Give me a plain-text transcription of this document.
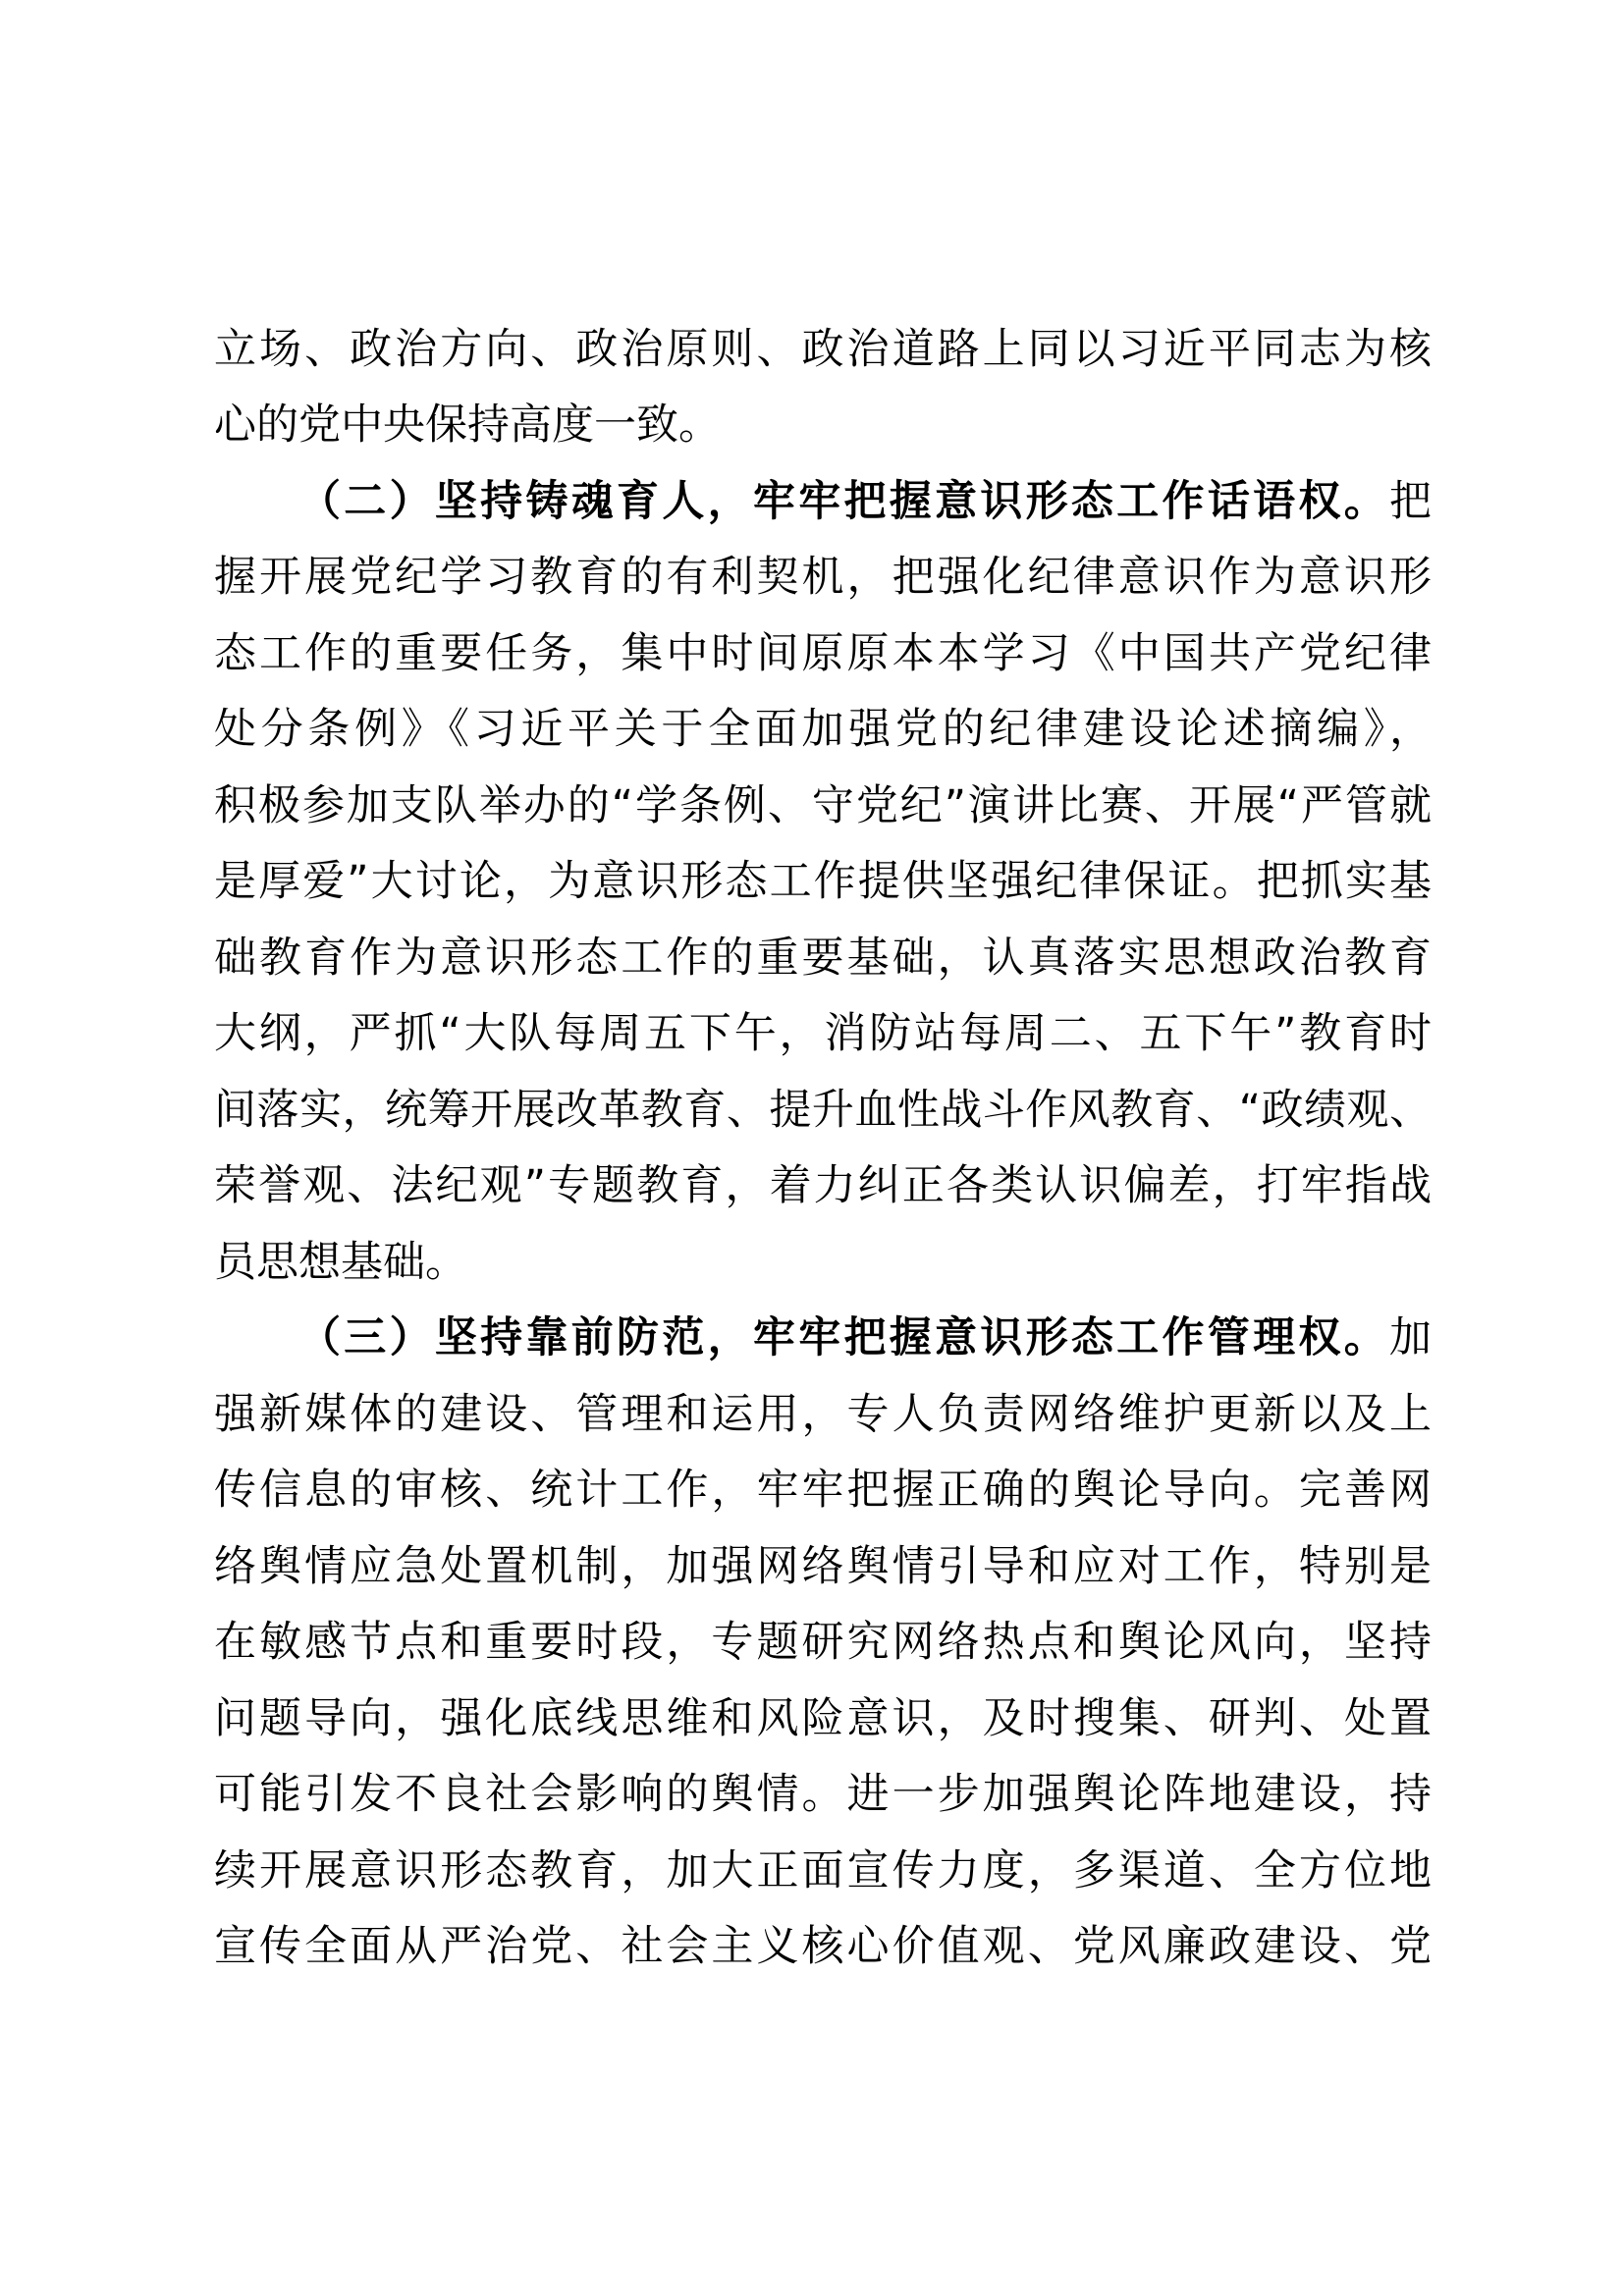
立场、政治方向、政治原则、政治道路上同以习近平同志为核
心的党中央保持高度一致。
（二）坚持铸魂育人，牢牢把握意识形态工作话语权。把
握开展党纪学习教育的有利契机，把强化纪律意识作为意识形
态工作的重要任务，集中时间原原本本学习《中国共产党纪律
处分条例》《习近平关于全面加强党的纪律建设论述摘编》，
积极参加支队举办的“学条例、守党纪”演讲比赛、开展“严管就
是厚爱”大讨论，为意识形态工作提供坚强纪律保证。把抓实基
础教育作为意识形态工作的重要基础，认真落实思想政治教育
大纲，严抓“大队每周五下午，消防站每周二、五下午”教育时
间落实，统筹开展改革教育、提升血性战斗作风教育、“政绩观、
荣誉观、法纪观”专题教育，着力纠正各类认识偏差，打牢指战
员思想基础。
（三）坚持靠前防范，牢牢把握意识形态工作管理权。加
强新媒体的建设、管理和运用，专人负责网络维护更新以及上
传信息的审核、统计工作，牢牢把握正确的舆论导向。完善网
络舆情应急处置机制，加强网络舆情引导和应对工作，特别是
在敏感节点和重要时段，专题研究网络热点和舆论风向，坚持
问题导向，强化底线思维和风险意识，及时搜集、研判、处置
可能引发不良社会影响的舆情。进一步加强舆论阵地建设，持
续开展意识形态教育，加大正面宣传力度，多渠道、全方位地
宣传全面从严治党、社会主义核心价值观、党风廉政建设、党
